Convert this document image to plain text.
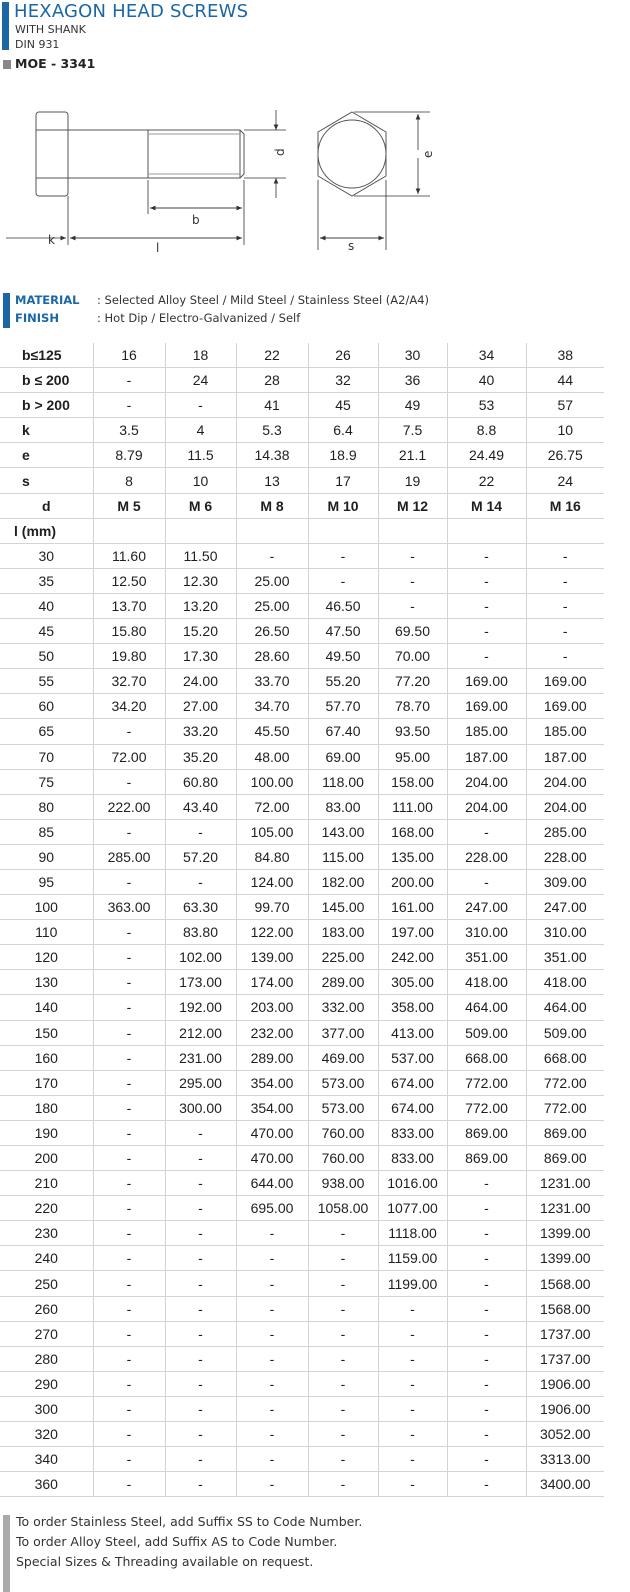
HEXAGON HEAD SCREWS
WITH SHANK
DIN 931
MOE - 3341
d
b
k
l
e
s
MATERIAL : Selected Alloy Steel / Mild Steel / Stainless Steel (A2/A4)
FINISH	: Hot Dip / Electro-Galvanized / Self
b≤125	16	18	22	26	30	34	38
b ≤ 200	-	24	28	32	36	40	44
b > 200	-	-	41	45	49	53	57
k	3.5	4	5.3	6.4	7.5	8.8	10
e	8.79	11.5	14.38	18.9	21.1	24.49	26.75
s	8	10	13	17	19	22	24
d	M 5	M 6	M 8	M 10	M 12	M 14	M 16
l (mm)							
30	11.60	11.50	-	-	-	-	-
35	12.50	12.30	25.00	-	-	-	-
40	13.70	13.20	25.00	46.50	-	-	-
45	15.80	15.20	26.50	47.50	69.50	-	-
50	19.80	17.30	28.60	49.50	70.00	-	-
55	32.70	24.00	33.70	55.20	77.20	169.00	169.00
60	34.20	27.00	34.70	57.70	78.70	169.00	169.00
65	-	33.20	45.50	67.40	93.50	185.00	185.00
70	72.00	35.20	48.00	69.00	95.00	187.00	187.00
75	-	60.80	100.00	118.00	158.00	204.00	204.00
80	222.00	43.40	72.00	83.00	111.00	204.00	204.00
85	-	-	105.00	143.00	168.00	-	285.00
90	285.00	57.20	84.80	115.00	135.00	228.00	228.00
95	-	-	124.00	182.00	200.00	-	309.00
100	363.00	63.30	99.70	145.00	161.00	247.00	247.00
110	-	83.80	122.00	183.00	197.00	310.00	310.00
120	-	102.00	139.00	225.00	242.00	351.00	351.00
130	-	173.00	174.00	289.00	305.00	418.00	418.00
140	-	192.00	203.00	332.00	358.00	464.00	464.00
150	-	212.00	232.00	377.00	413.00	509.00	509.00
160	-	231.00	289.00	469.00	537.00	668.00	668.00
170	-	295.00	354.00	573.00	674.00	772.00	772.00
180	-	300.00	354.00	573.00	674.00	772.00	772.00
190	-	-	470.00	760.00	833.00	869.00	869.00
200	-	-	470.00	760.00	833.00	869.00	869.00
210	-	-	644.00	938.00	1016.00	-	1231.00
220	-	-	695.00	1058.00	1077.00	-	1231.00
230	-	-	-	-	1118.00	-	1399.00
240	-	-	-	-	1159.00	-	1399.00
250	-	-	-	-	1199.00	-	1568.00
260	-	-	-	-	-	-	1568.00
270	-	-	-	-	-	-	1737.00
280	-	-	-	-	-	-	1737.00
290	-	-	-	-	-	-	1906.00
300	-	-	-	-	-	-	1906.00
320	-	-	-	-	-	-	3052.00
340	-	-	-	-	-	-	3313.00
360	-	-	-	-	-	-	3400.00
To order Stainless Steel, add Suffix SS to Code Number.
To order Alloy Steel, add Suffix AS to Code Number.
Special Sizes & Threading available on request.
